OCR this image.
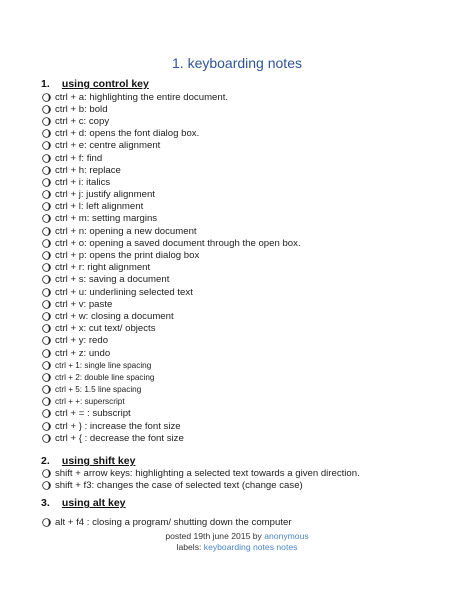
1. keyboarding notes
1. using control key
ctrl + a: highlighting the entire document.
ctrl + b: bold
ctrl + c: copy
ctrl + d: opens the font dialog box.
ctrl + e: centre alignment
ctrl + f: find
ctrl + h: replace
ctrl + i: italics
ctrl + j: justify alignment
ctrl + l: left alignment
ctrl + m: setting margins
ctrl + n: opening a new document
ctrl + o: opening a saved document through the open box.
ctrl + p: opens the print dialog box
ctrl + r: right alignment
ctrl + s: saving a document
ctrl + u: underlining selected text
ctrl + v: paste
ctrl + w: closing a document
ctrl + x: cut text/ objects
ctrl + y: redo
ctrl + z: undo
ctrl + 1: single line spacing
ctrl + 2: double line spacing
ctrl + 5: 1.5 line spacing
ctrl + +: superscript
ctrl + = : subscript
ctrl + } : increase the font size
ctrl + { : decrease the font size
2. using shift key
shift + arrow keys: highlighting a selected text towards a given direction.
shift + f3: changes the case of selected text (change case)
3. using alt key
alt + f4 : closing a program/ shutting down the computer
posted 19th june 2015 by anonymous
labels: keyboarding notes notes
